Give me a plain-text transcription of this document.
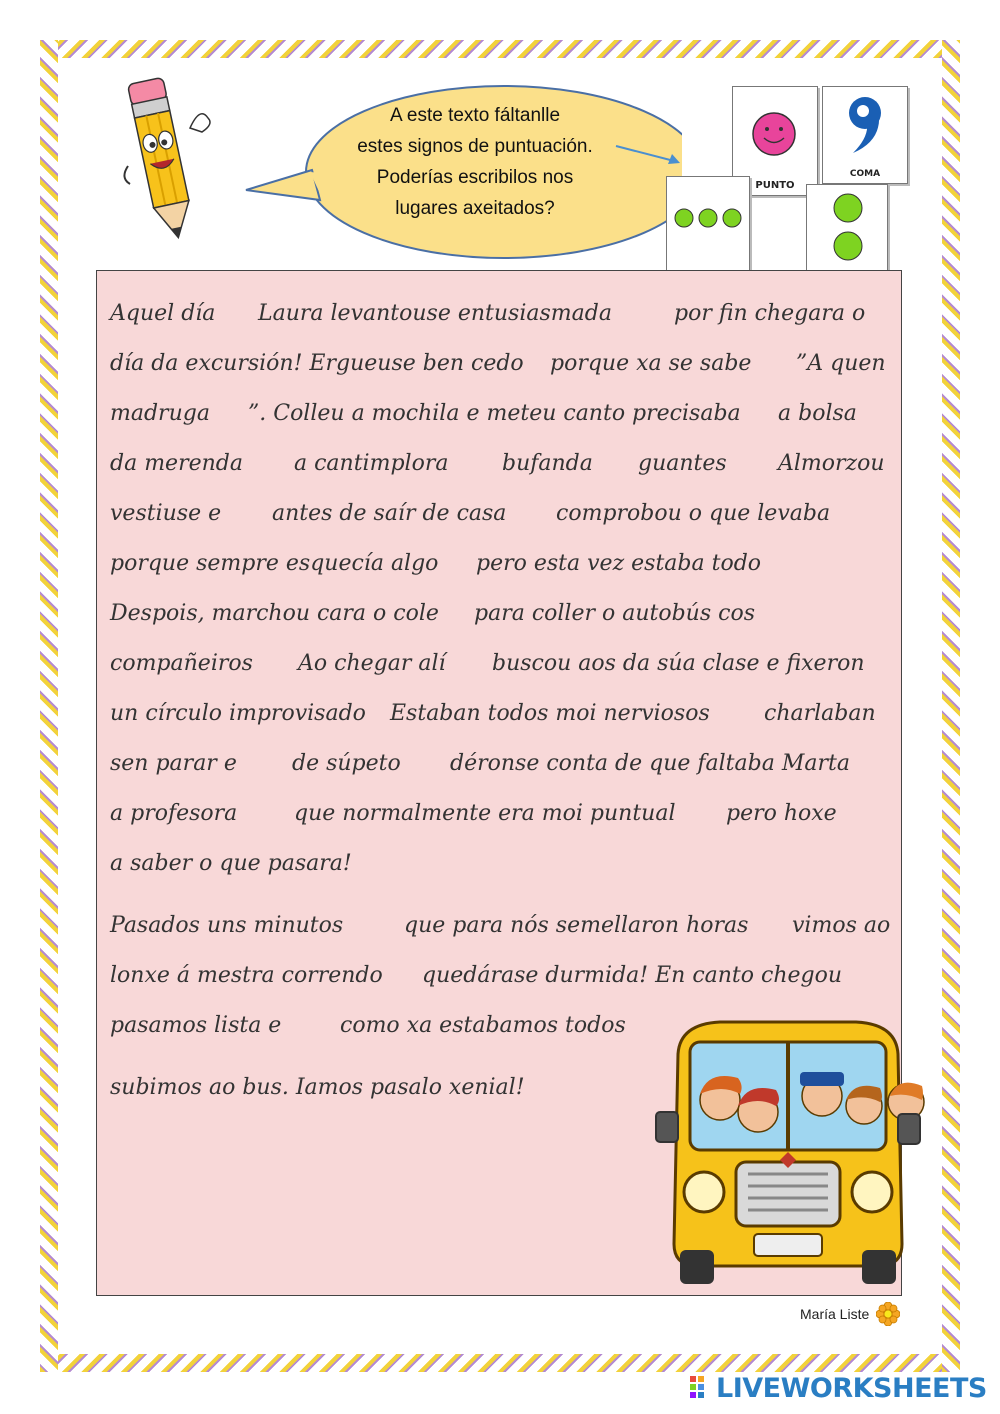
A este texto fáltanlle
estes signos de puntuación.
Poderías escribilos nos
lugares axeitados?
PUNTO
COMA
Aquel día Laura levantouse entusiasmada	por fin chegara o
día da excursión! Ergueuse ben cedo porque xa se sabe ”A quen
madruga ”. Colleu a mochila e meteu canto precisaba a bolsa
da merenda a cantimplora bufanda guantes Almorzou
vestiuse e antes de saír de casa comprobou o que levaba
porque sempre esquecía algo pero esta vez estaba todo
Despois, marchou cara o cole para coller o autobús cos
compañeiros Ao chegar alí buscou aos da súa clase e fixeron
un círculo improvisado Estaban todos moi nerviosos charlaban
sen parar e	de súpeto déronse conta de que faltaba Marta
a profesora	que normalmente era moi puntual pero hoxe
a saber o que pasara!
Pasados uns minutos	que para nós semellaron horas vimos ao
lonxe á mestra correndo quedárase durmida! En canto chegou
pasamos lista e	como xa estabamos todos
subimos ao bus. Iamos pasalo xenial!
María Liste
LIVEWORKSHEETS
